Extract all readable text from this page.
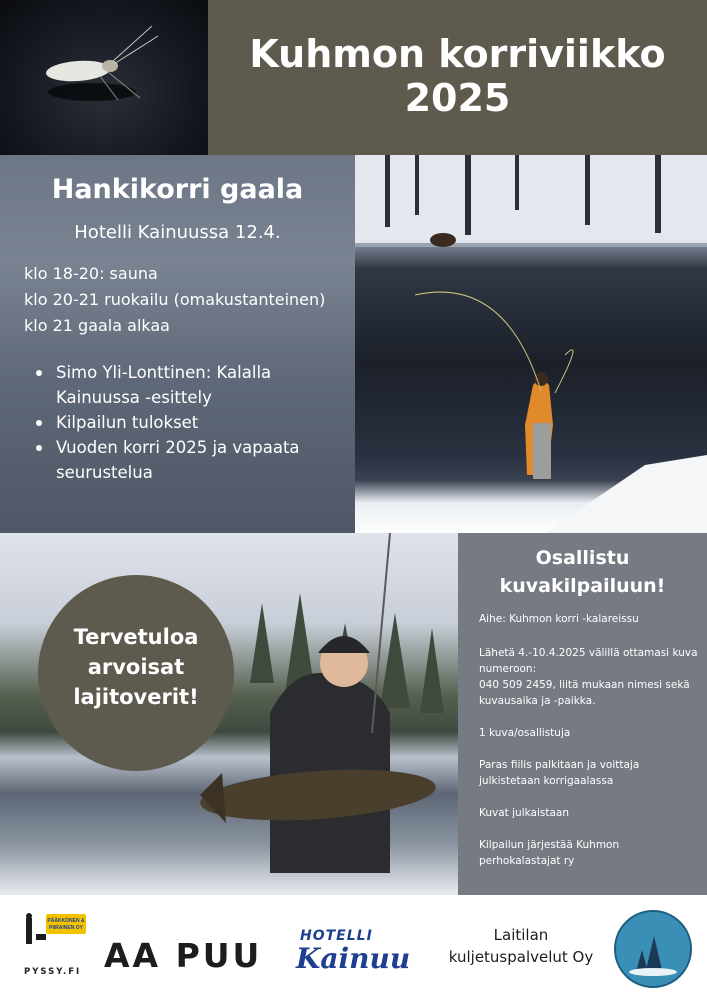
Kuhmon korriviikko
2025
Hankikorri gaala
Hotelli Kainuussa 12.4.
klo 18-20: sauna
klo 20-21 ruokailu (omakustanteinen)
klo 21 gaala alkaa
Simo Yli-Lonttinen: Kalalla Kainuussa -esittely
Kilpailun tulokset
Vuoden korri 2025 ja vapaata seurustelua
Tervetuloa
arvoisat
lajitoverit!
Osallistu
kuvakilpailuun!
Aihe: Kuhmon korri -kalareissu
Lähetä 4.-10.4.2025 välillä ottamasi kuva numeroon:
040 509 2459, liitä mukaan nimesi sekä kuvausaika ja -paikka.
1 kuva/osallistuja
Paras fiilis palkitaan ja voittaja julkistetaan korrigaalassa
Kuvat julkaistaan
Kilpailun järjestää Kuhmon perhokalastajat ry
PÄÄKKÖNEN &
PIIRAINEN OY
PYSSY.FI AA PUU	HOTELLI
Kainuu
Laitilan
kuljetuspalvelut Oy
